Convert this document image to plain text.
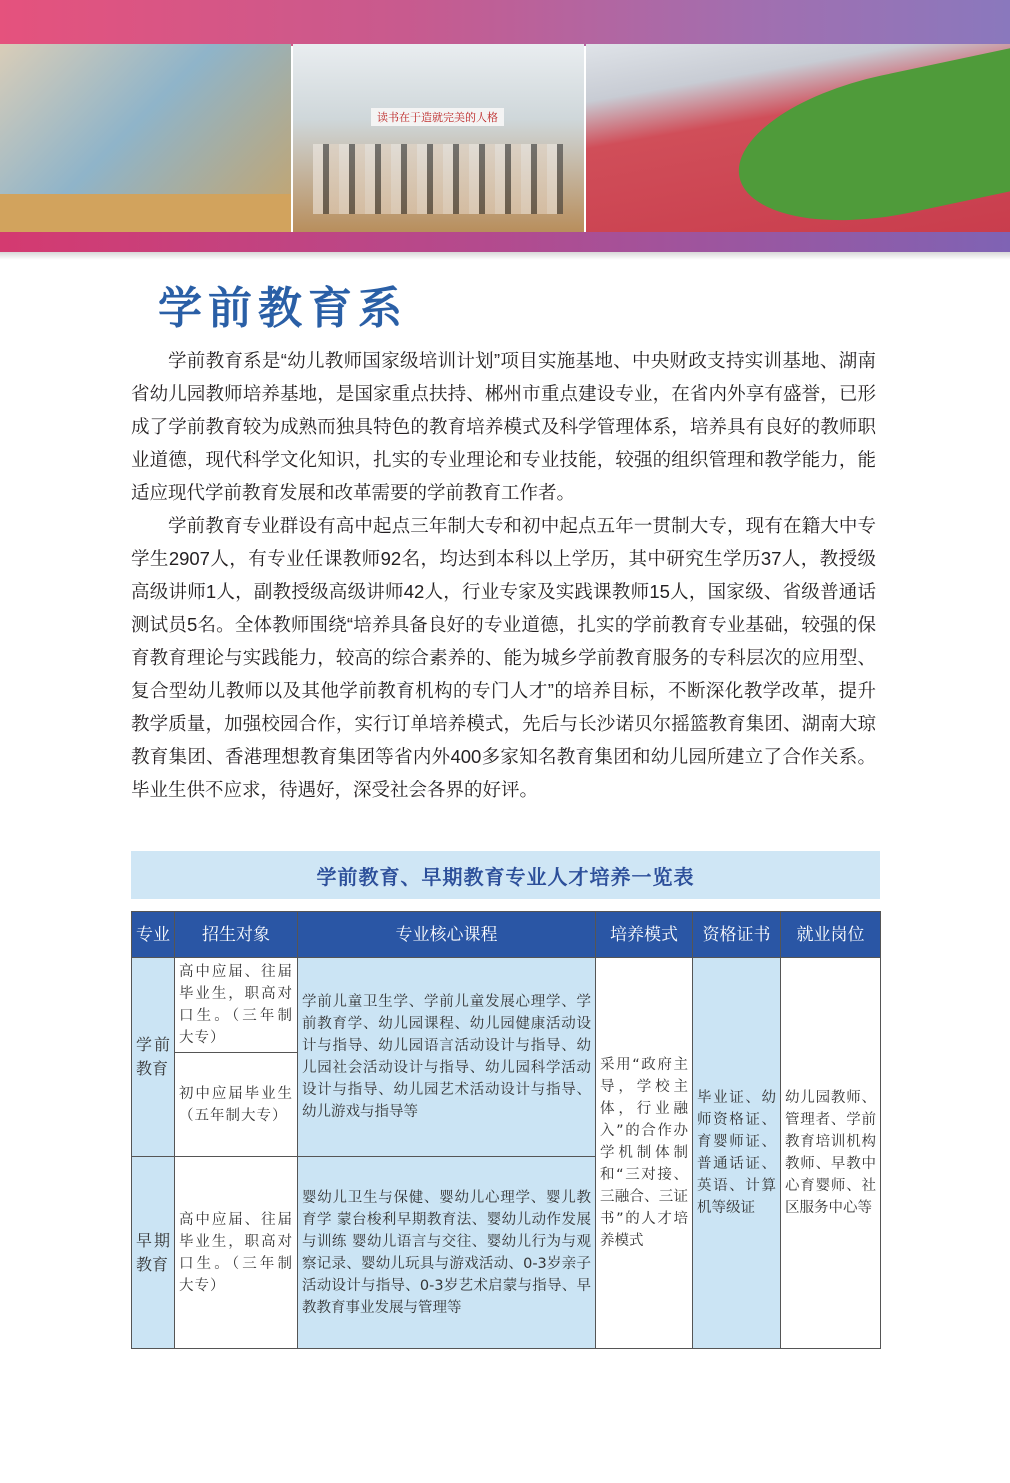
读书在于造就完美的人格
学前教育系

学前教育系是“幼儿教师国家级培训计划”项目实施基地、中央财政支持实训基地、湖南省幼儿园教师培养基地，是国家重点扶持、郴州市重点建设专业，在省内外享有盛誉，已形成了学前教育较为成熟而独具特色的教育培养模式及科学管理体系，培养具有良好的教师职业道德，现代科学文化知识，扎实的专业理论和专业技能，较强的组织管理和教学能力，能适应现代学前教育发展和改革需要的学前教育工作者。

学前教育专业群设有高中起点三年制大专和初中起点五年一贯制大专，现有在籍大中专学生2907人，有专业任课教师92名，均达到本科以上学历，其中研究生学历37人，教授级高级讲师1人，副教授级高级讲师42人，行业专家及实践课教师15人，国家级、省级普通话测试员5名。全体教师围绕“培养具备良好的专业道德，扎实的学前教育专业基础，较强的保育教育理论与实践能力，较高的综合素养的、能为城乡学前教育服务的专科层次的应用型、复合型幼儿教师以及其他学前教育机构的专门人才”的培养目标，不断深化教学改革，提升教学质量，加强校园合作，实行订单培养模式，先后与长沙诺贝尔摇篮教育集团、湖南大琼教育集团、香港理想教育集团等省内外400多家知名教育集团和幼儿园所建立了合作关系。毕业生供不应求，待遇好，深受社会各界的好评。

学前教育、早期教育专业人才培养一览表
专业	招生对象	专业核心课程	培养模式	资格证书	就业岗位
学前教育	高中应届、往届毕业生，职高对口生。（三年制大专）	学前儿童卫生学、学前儿童发展心理学、学前教育学、幼儿园课程、幼儿园健康活动设计与指导、幼儿园语言活动设计与指导、幼儿园社会活动设计与指导、幼儿园科学活动设计与指导、幼儿园艺术活动设计与指导、幼儿游戏与指导等	采用“政府主导，学校主体，行业融入”的合作办学机制体制和“三对接、三融合、三证书”的人才培养模式	毕业证、幼师资格证、育婴师证、普通话证、英语、计算机等级证	幼儿园教师、管理者、学前教育培训机构教师、早教中心育婴师、社区服务中心等
	初中应届毕业生（五年制大专）				
早期教育	高中应届、往届毕业生，职高对口生。（三年制大专）	婴幼儿卫生与保健、婴幼儿心理学、婴儿教育学 蒙台梭利早期教育法、婴幼儿动作发展与训练 婴幼儿语言与交往、婴幼儿行为与观察记录、婴幼儿玩具与游戏活动、0-3岁亲子活动设计与指导、0-3岁艺术启蒙与指导、早教教育事业发展与管理等			
